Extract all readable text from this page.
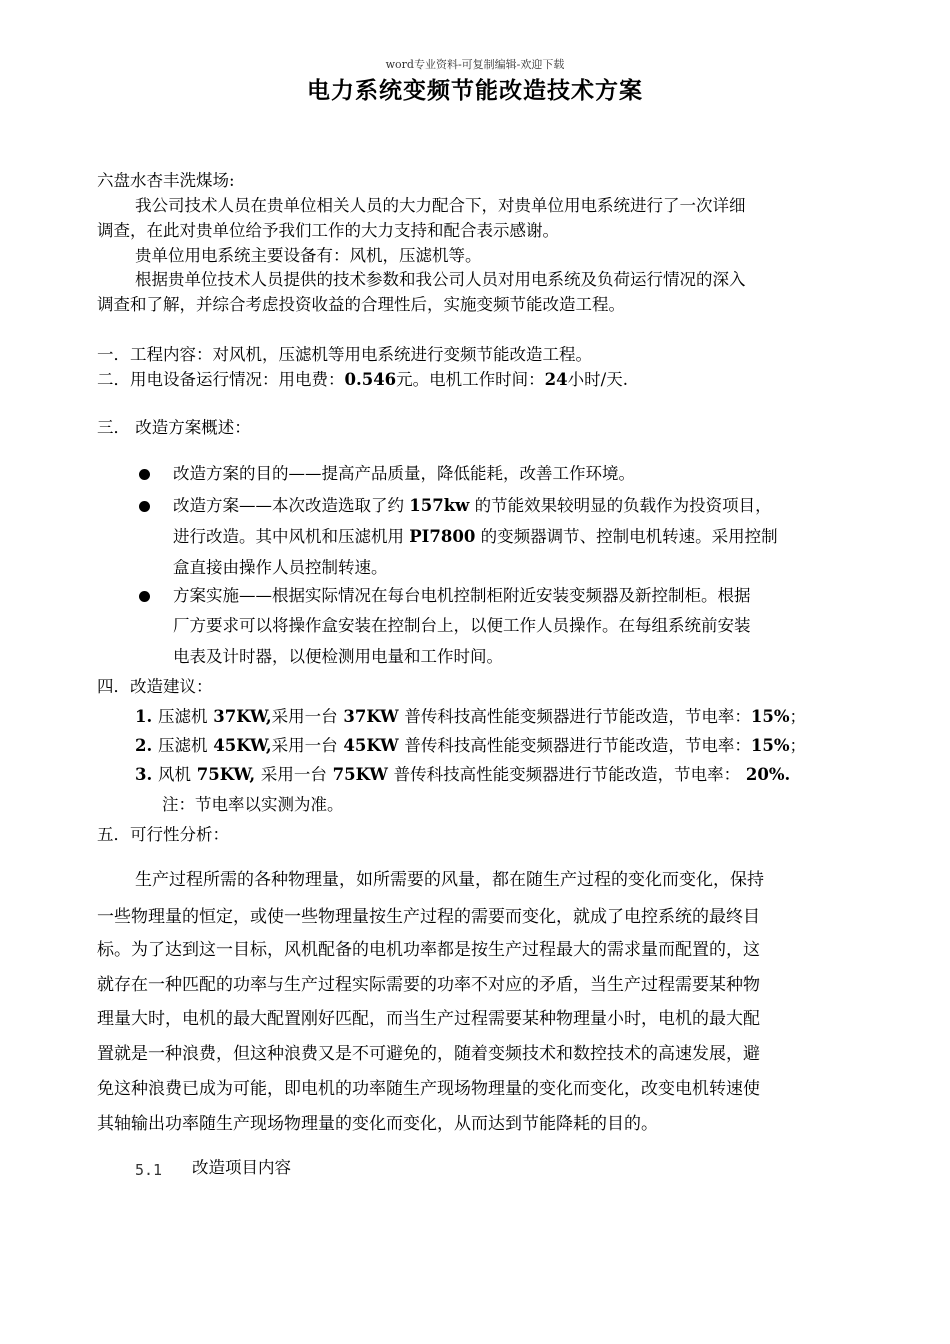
word专业资料-可复制编辑-欢迎下载
电力系统变频节能改造技术方案
六盘水杏丰洗煤场:
我公司技术人员在贵单位相关人员的大力配合下，对贵单位用电系统进行了一次详细
调查，在此对贵单位给予我们工作的大力支持和配合表示感谢。
贵单位用电系统主要设备有：风机，压滤机等。
根据贵单位技术人员提供的技术参数和我公司人员对用电系统及负荷运行情况的深入
调查和了解，并综合考虑投资收益的合理性后，实施变频节能改造工程。
一．工程内容：对风机，压滤机等用电系统进行变频节能改造工程。
二．用电设备运行情况：用电费：0.546元。电机工作时间：24小时/天.
三． 改造方案概述：
改造方案的目的——提高产品质量，降低能耗，改善工作环境。
改造方案——本次改造选取了约 157kw 的节能效果较明显的负载作为投资项目，
进行改造。其中风机和压滤机用 PI7800 的变频器调节、控制电机转速。采用控制
盒直接由操作人员控制转速。
方案实施——根据实际情况在每台电机控制柜附近安装变频器及新控制柜。根据
厂方要求可以将操作盒安装在控制台上，以便工作人员操作。在每组系统前安装
电表及计时器，以便检测用电量和工作时间。
四．改造建议：
1. 压滤机 37KW,采用一台 37KW 普传科技高性能变频器进行节能改造，节电率：15%；
2. 压滤机 45KW,采用一台 45KW 普传科技高性能变频器进行节能改造，节电率：15%；
3. 风机 75KW, 采用一台 75KW 普传科技高性能变频器进行节能改造，节电率： 20%.
注：节电率以实测为准。
五．可行性分析：
生产过程所需的各种物理量，如所需要的风量，都在随生产过程的变化而变化，保持
一些物理量的恒定，或使一些物理量按生产过程的需要而变化，就成了电控系统的最终目
标。为了达到这一目标，风机配备的电机功率都是按生产过程最大的需求量而配置的，这
就存在一种匹配的功率与生产过程实际需要的功率不对应的矛盾，当生产过程需要某种物
理量大时，电机的最大配置刚好匹配，而当生产过程需要某种物理量小时，电机的最大配
置就是一种浪费，但这种浪费又是不可避免的，随着变频技术和数控技术的高速发展，避
免这种浪费已成为可能，即电机的功率随生产现场物理量的变化而变化，改变电机转速使
其轴输出功率随生产现场物理量的变化而变化，从而达到节能降耗的目的。
5.1 改造项目内容
